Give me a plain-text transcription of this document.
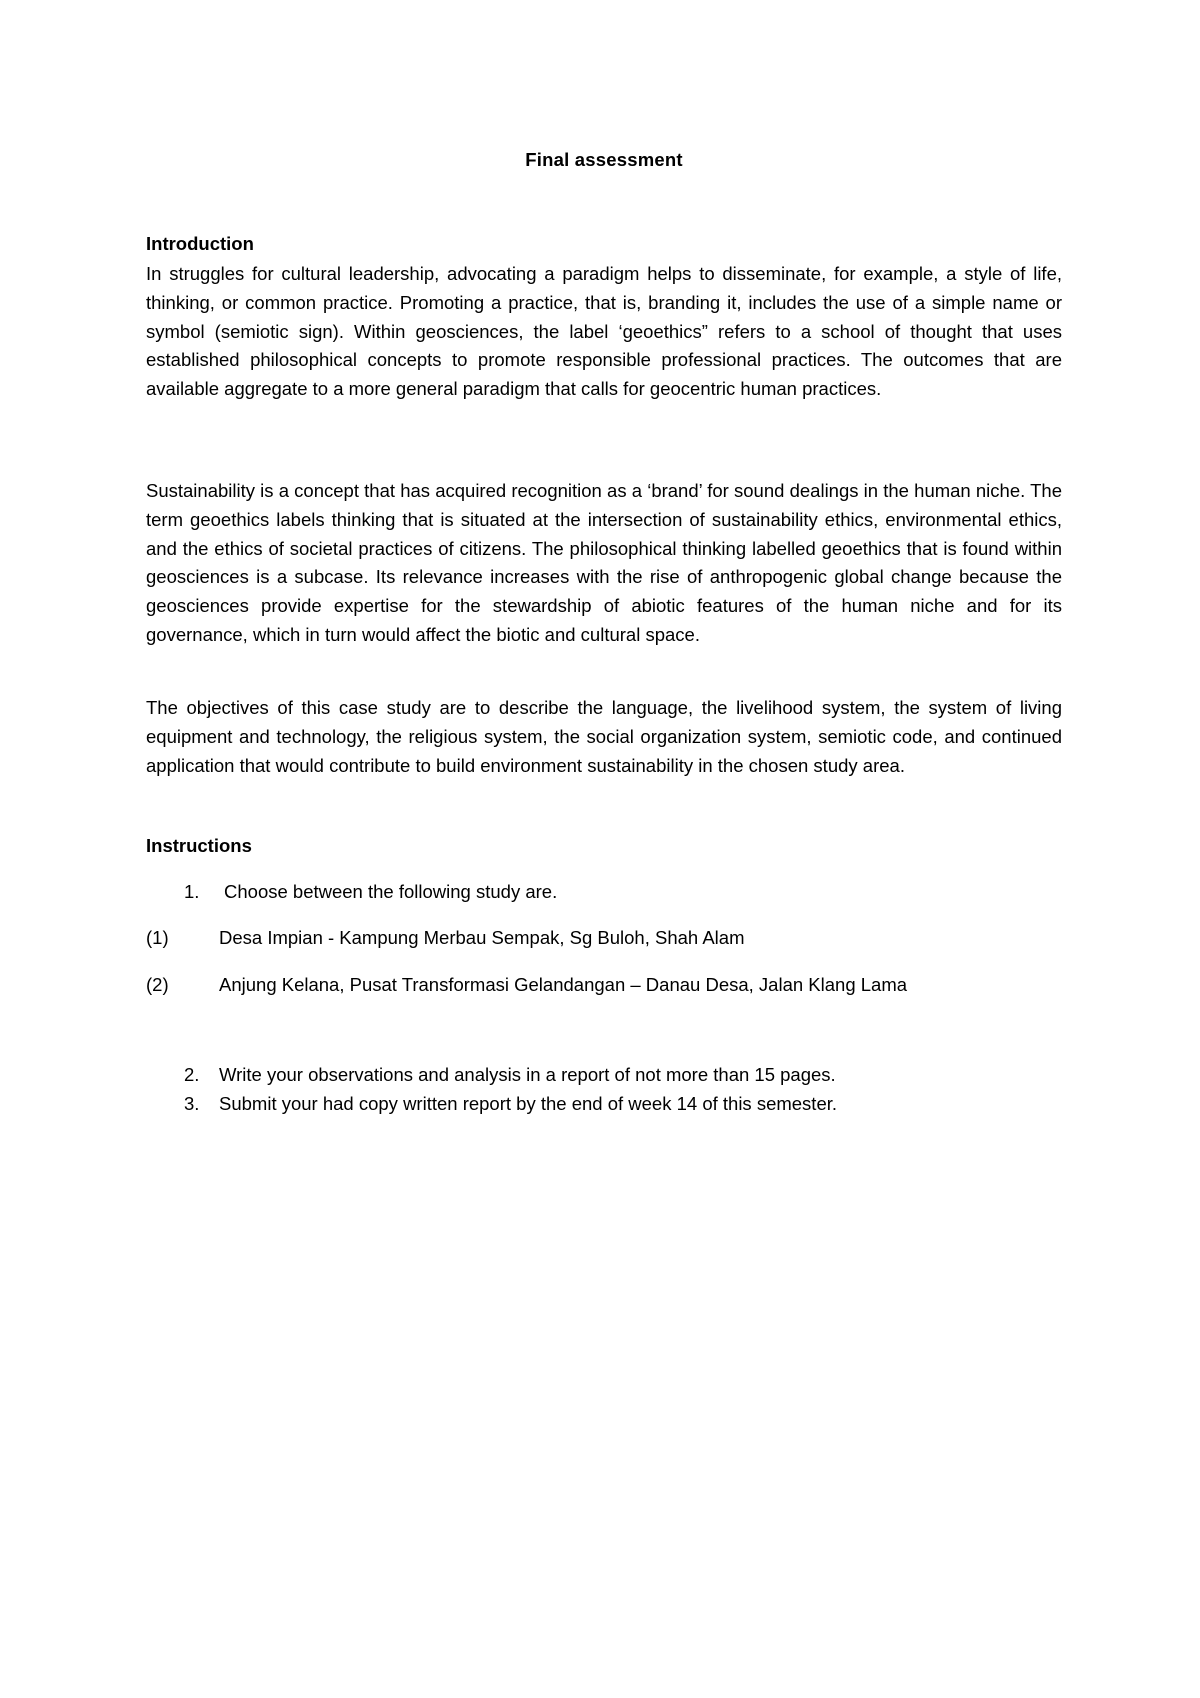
Final assessment
Introduction

In struggles for cultural leadership, advocating a paradigm helps to disseminate, for example, a style of life, thinking, or common practice. Promoting a practice, that is, branding it, includes the use of a simple name or symbol (semiotic sign). Within geosciences, the label ‘geoethics” refers to a school of thought that uses established philosophical concepts to promote responsible professional practices. The outcomes that are available aggregate to a more general paradigm that calls for geocentric human practices.

Sustainability is a concept that has acquired recognition as a ‘brand’ for sound dealings in the human niche. The term geoethics labels thinking that is situated at the intersection of sustainability ethics, environmental ethics, and the ethics of societal practices of citizens. The philosophical thinking labelled geoethics that is found within geosciences is a subcase. Its relevance increases with the rise of anthropogenic global change because the geosciences provide expertise for the stewardship of abiotic features of the human niche and for its governance, which in turn would affect the biotic and cultural space.

The objectives of this case study are to describe the language, the livelihood system, the system of living equipment and technology, the religious system, the social organization system, semiotic code, and continued application that would contribute to build environment sustainability in the chosen study area.

Instructions
1. Choose between the following study are.
(1)	Desa Impian - Kampung Merbau Sempak, Sg Buloh, Shah Alam
(2)	Anjung Kelana, Pusat Transformasi Gelandangan – Danau Desa, Jalan Klang Lama
2. Write your observations and analysis in a report of not more than 15 pages.
3. Submit your had copy written report by the end of week 14 of this semester.
